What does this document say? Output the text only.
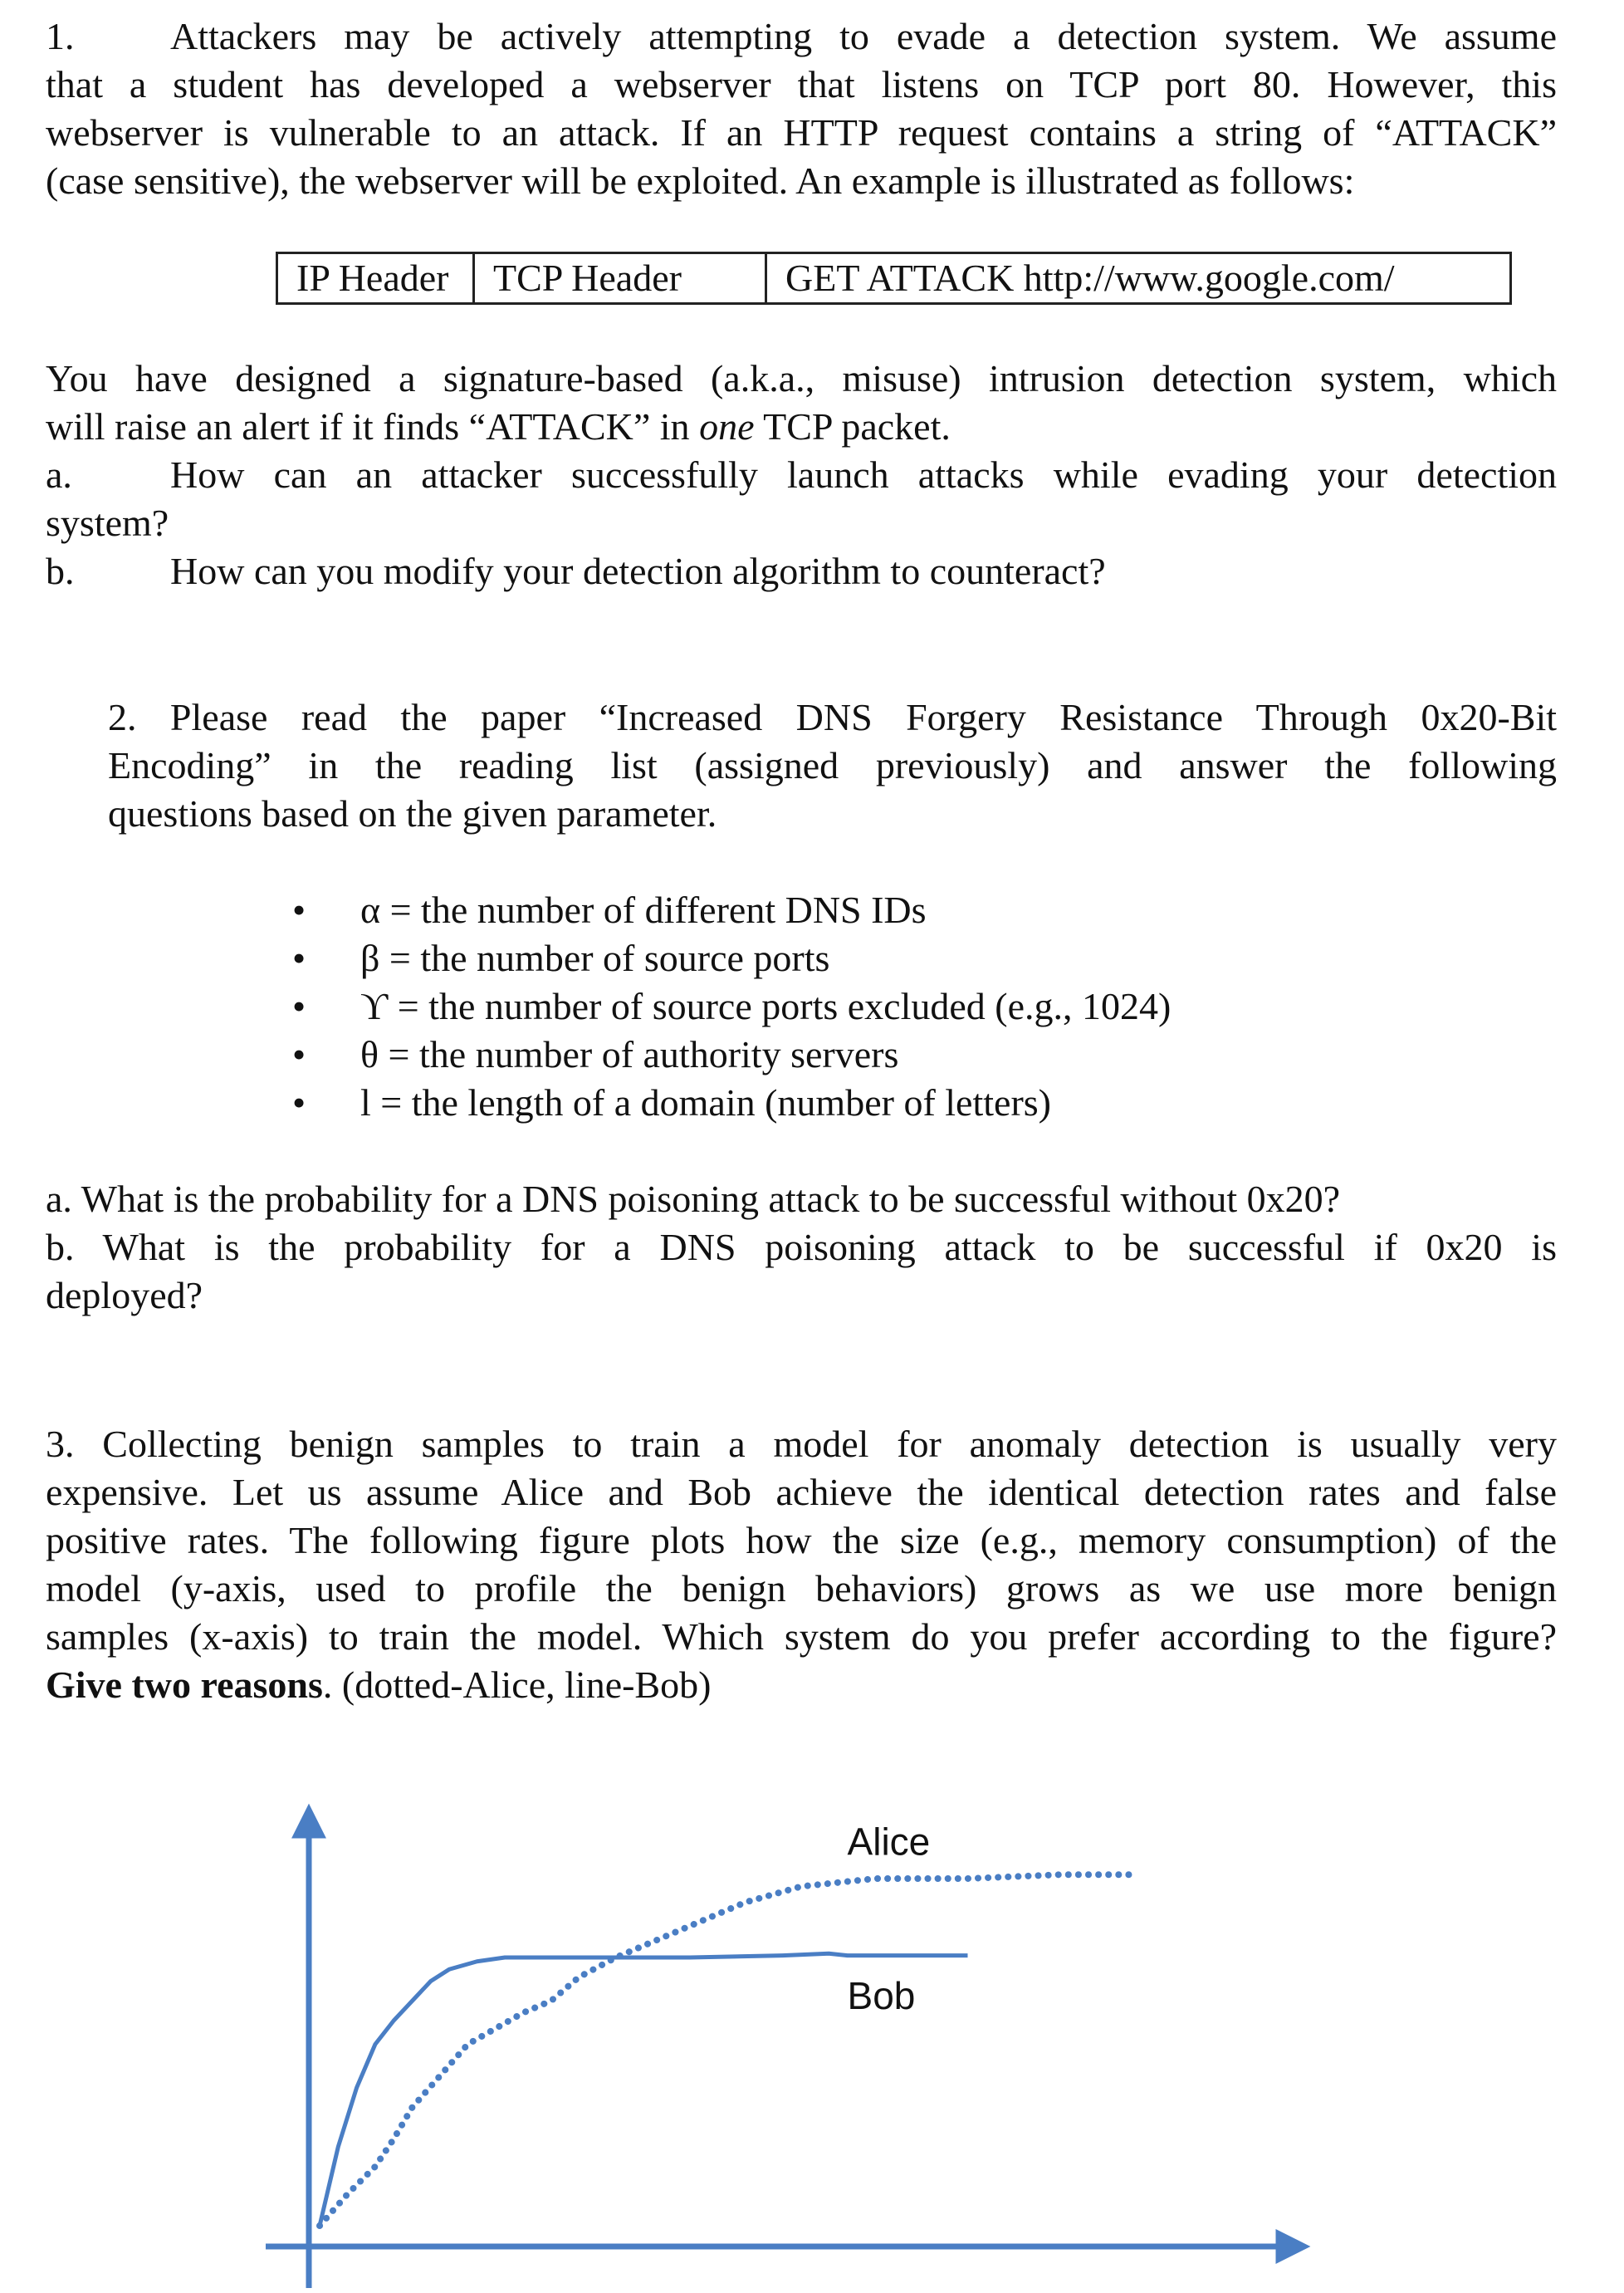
1.	Attackers may be actively attempting to evade a detection system. We assume
that a student has developed a webserver that listens on TCP port 80. However, this
webserver is vulnerable to an attack. If an HTTP request contains a string of “ATTACK”
(case sensitive), the webserver will be exploited. An example is illustrated as follows:
IP Header	TCP Header	GET ATTACK http://www.google.com/
You have designed a signature-based (a.k.a., misuse) intrusion detection system, which
will raise an alert if it finds “ATTACK” in one TCP packet.
a.	How can an attacker successfully launch attacks while evading your detection
system?
b.	How can you modify your detection algorithm to counteract?
2. Please read the paper “Increased DNS Forgery Resistance Through 0x20-Bit
Encoding” in the reading list (assigned previously) and answer the following
questions based on the given parameter.
•	α = the number of different DNS IDs
•	β = the number of source ports
•	ϒ = the number of source ports excluded (e.g., 1024)
•	θ = the number of authority servers
•	l = the length of a domain (number of letters)
a. What is the probability for a DNS poisoning attack to be successful without 0x20?
b. What is the probability for a DNS poisoning attack to be successful if 0x20 is
deployed?
3. Collecting benign samples to train a model for anomaly detection is usually very
expensive. Let us assume Alice and Bob achieve the identical detection rates and false
positive rates. The following figure plots how the size (e.g., memory consumption) of the
model (y-axis, used to profile the benign behaviors) grows as we use more benign
samples (x-axis) to train the model. Which system do you prefer according to the figure?
Give two reasons. (dotted-Alice, line-Bob)
Alice
Bob
